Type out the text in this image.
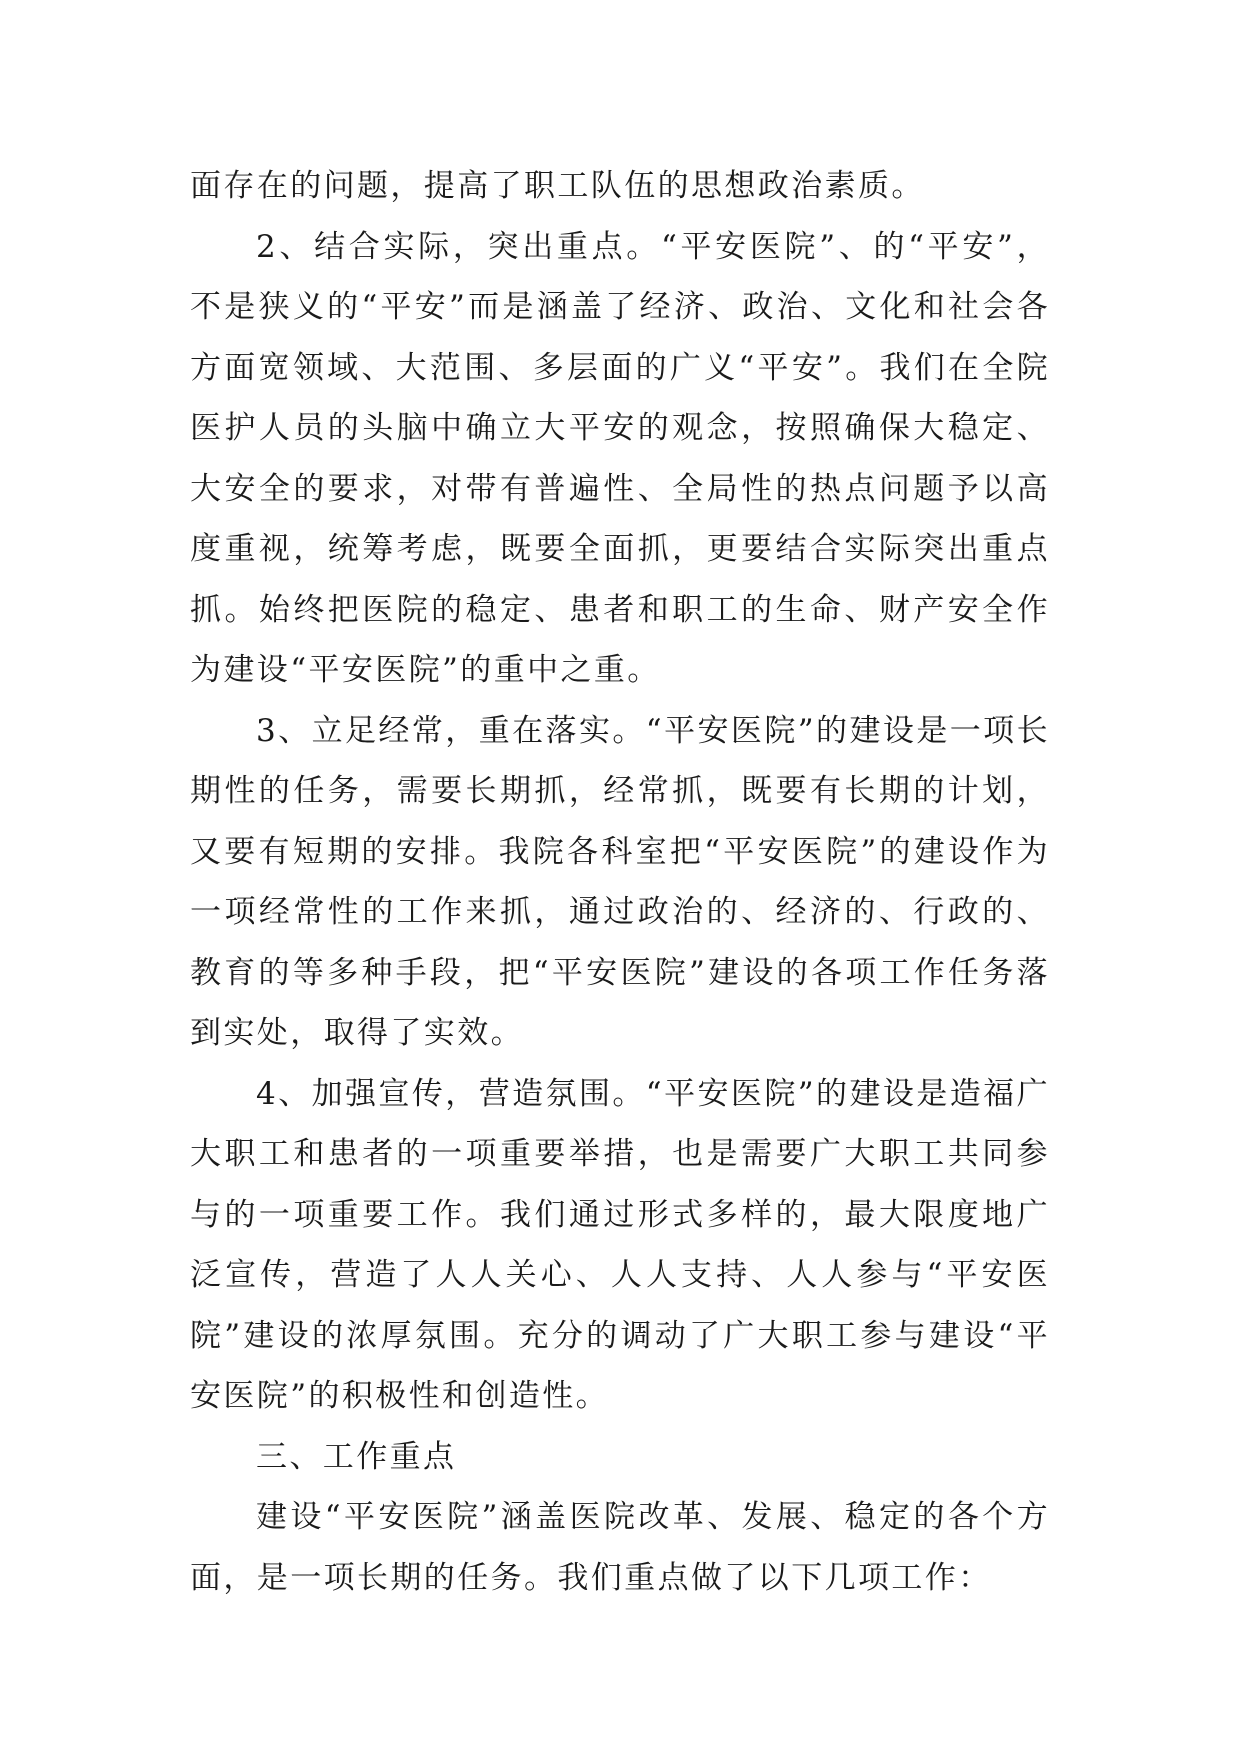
面存在的问题，提高了职工队伍的思想政治素质。

2、结合实际，突出重点。“平安医院”、的“平安”，不是狭义的“平安”而是涵盖了经济、政治、文化和社会各方面宽领域、大范围、多层面的广义“平安”。我们在全院医护人员的头脑中确立大平安的观念，按照确保大稳定、大安全的要求，对带有普遍性、全局性的热点问题予以高度重视，统筹考虑，既要全面抓，更要结合实际突出重点抓。始终把医院的稳定、患者和职工的生命、财产安全作为建设“平安医院”的重中之重。

3、立足经常，重在落实。“平安医院”的建设是一项长期性的任务，需要长期抓，经常抓，既要有长期的计划，又要有短期的安排。我院各科室把“平安医院”的建设作为一项经常性的工作来抓，通过政治的、经济的、行政的、教育的等多种手段，把“平安医院”建设的各项工作任务落到实处，取得了实效。

4、加强宣传，营造氛围。“平安医院”的建设是造福广大职工和患者的一项重要举措，也是需要广大职工共同参与的一项重要工作。我们通过形式多样的，最大限度地广泛宣传，营造了人人关心、人人支持、人人参与“平安医院”建设的浓厚氛围。充分的调动了广大职工参与建设“平安医院”的积极性和创造性。

三、工作重点

建设“平安医院”涵盖医院改革、发展、稳定的各个方面，是一项长期的任务。我们重点做了以下几项工作：
